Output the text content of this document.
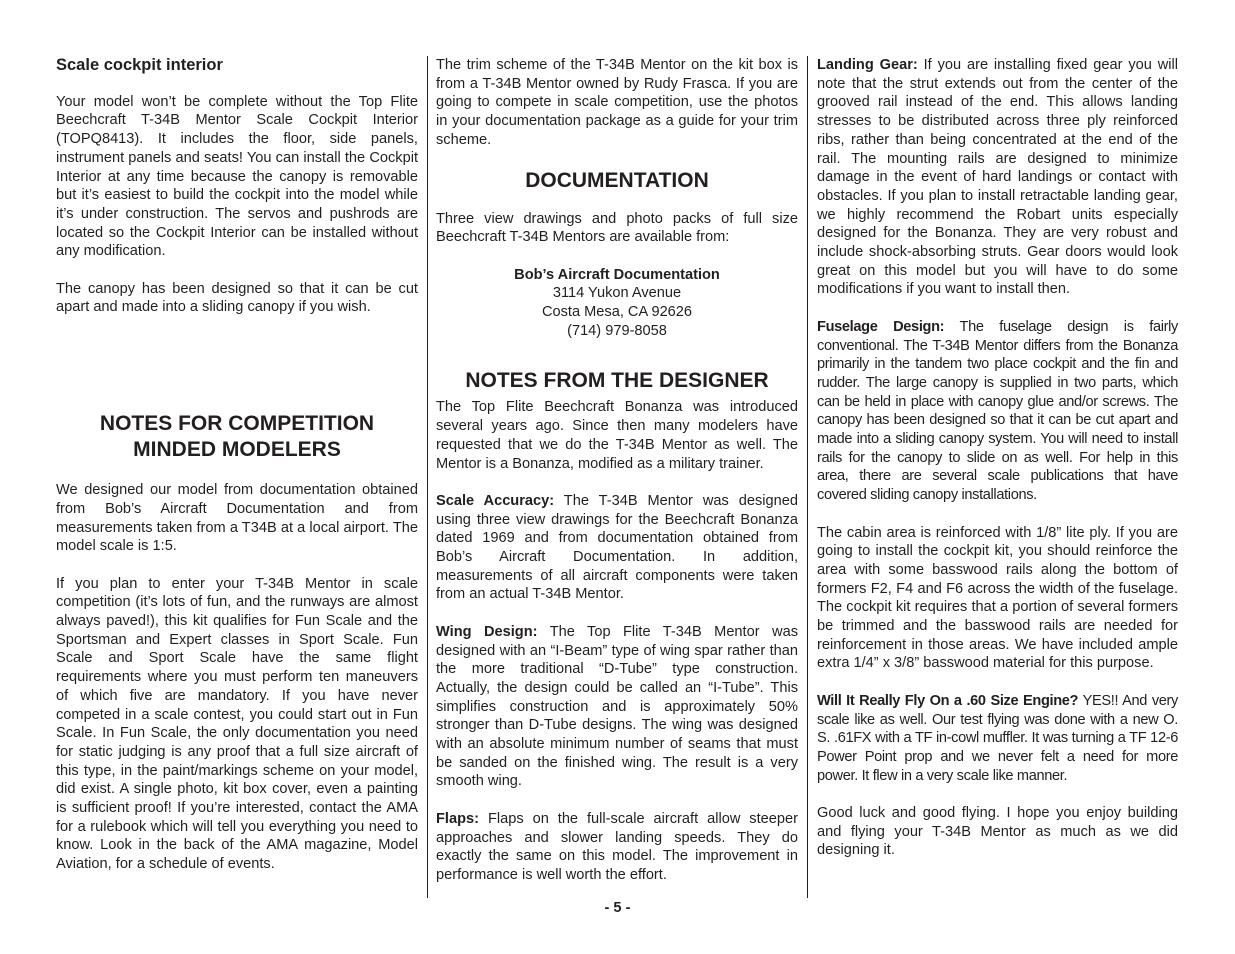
Scale cockpit interior

Your model won’t be complete without the Top Flite Beechcraft T-34B Mentor Scale Cockpit Interior (TOPQ8413). It includes the floor, side panels, instrument panels and seats! You can install the Cockpit Interior at any time because the canopy is removable but it’s easiest to build the cockpit into the model while it’s under construction. The servos and pushrods are located so the Cockpit Interior can be installed without any modification.

The canopy has been designed so that it can be cut apart and made into a sliding canopy if you wish.

NOTES FOR COMPETITION

MINDED MODELERS

We designed our model from documentation obtained from Bob’s Aircraft Documentation and from measurements taken from a T34B at a local airport. The model scale is 1:5.

If you plan to enter your T-34B Mentor in scale competition (it’s lots of fun, and the runways are almost always paved!), this kit qualifies for Fun Scale and the Sportsman and Expert classes in Sport Scale. Fun Scale and Sport Scale have the same flight requirements where you must perform ten maneuvers of which five are mandatory. If you have never competed in a scale contest, you could start out in Fun Scale. In Fun Scale, the only documentation you need for static judging is any proof that a full size aircraft of this type, in the paint/markings scheme on your model, did exist. A single photo, kit box cover, even a painting is sufficient proof! If you’re interested, contact the AMA for a rulebook which will tell you everything you need to know. Look in the back of the AMA magazine, Model Aviation, for a schedule of events.

The trim scheme of the T-34B Mentor on the kit box is from a T-34B Mentor owned by Rudy Frasca. If you are going to compete in scale competition, use the photos in your documentation package as a guide for your trim scheme.

DOCUMENTATION

Three view drawings and photo packs of full size Beechcraft T-34B Mentors are available from:

Bob’s Aircraft Documentation

3114 Yukon Avenue

Costa Mesa, CA 92626

(714) 979-8058

NOTES FROM THE DESIGNER

The Top Flite Beechcraft Bonanza was introduced several years ago. Since then many modelers have requested that we do the T-34B Mentor as well. The Mentor is a Bonanza, modified as a military trainer.

Scale Accuracy: The T-34B Mentor was designed using three view drawings for the Beechcraft Bonanza dated 1969 and from documentation obtained from Bob’s Aircraft Documentation. In addition, measurements of all aircraft components were taken from an actual T-34B Mentor.

Wing Design: The Top Flite T-34B Mentor was designed with an “I-Beam” type of wing spar rather than the more traditional “D-Tube” type construction. Actually, the design could be called an “I-Tube”. This simplifies construction and is approximately 50% stronger than D-Tube designs. The wing was designed with an absolute minimum number of seams that must be sanded on the finished wing. The result is a very smooth wing.

Flaps: Flaps on the full-scale aircraft allow steeper approaches and slower landing speeds. They do exactly the same on this model. The improvement in performance is well worth the effort.

Landing Gear: If you are installing fixed gear you will note that the strut extends out from the center of the grooved rail instead of the end. This allows landing stresses to be distributed across three ply reinforced ribs, rather than being concentrated at the end of the rail. The mounting rails are designed to minimize damage in the event of hard landings or contact with obstacles. If you plan to install retractable landing gear, we highly recommend the Robart units especially designed for the Bonanza. They are very robust and include shock-absorbing struts. Gear doors would look great on this model but you will have to do some modifications if you want to install then.

Fuselage Design: The fuselage design is fairly conventional. The T-34B Mentor differs from the Bonanza primarily in the tandem two place cockpit and the fin and rudder. The large canopy is supplied in two parts, which can be held in place with canopy glue and/or screws. The canopy has been designed so that it can be cut apart and made into a sliding canopy system. You will need to install rails for the canopy to slide on as well. For help in this area, there are several scale publications that have covered sliding canopy installations.

The cabin area is reinforced with 1/8” lite ply. If you are going to install the cockpit kit, you should reinforce the area with some basswood rails along the bottom of formers F2, F4 and F6 across the width of the fuselage. The cockpit kit requires that a portion of several formers be trimmed and the basswood rails are needed for reinforcement in those areas. We have included ample extra 1/4” x 3/8” basswood material for this purpose.

Will It Really Fly On a .60 Size Engine? YES!! And very scale like as well. Our test flying was done with a new O. S. .61FX with a TF in-cowl muffler. It was turning a TF 12-6 Power Point prop and we never felt a need for more power. It flew in a very scale like manner.

Good luck and good flying. I hope you enjoy building and flying your T-34B Mentor as much as we did designing it.

- 5 -
